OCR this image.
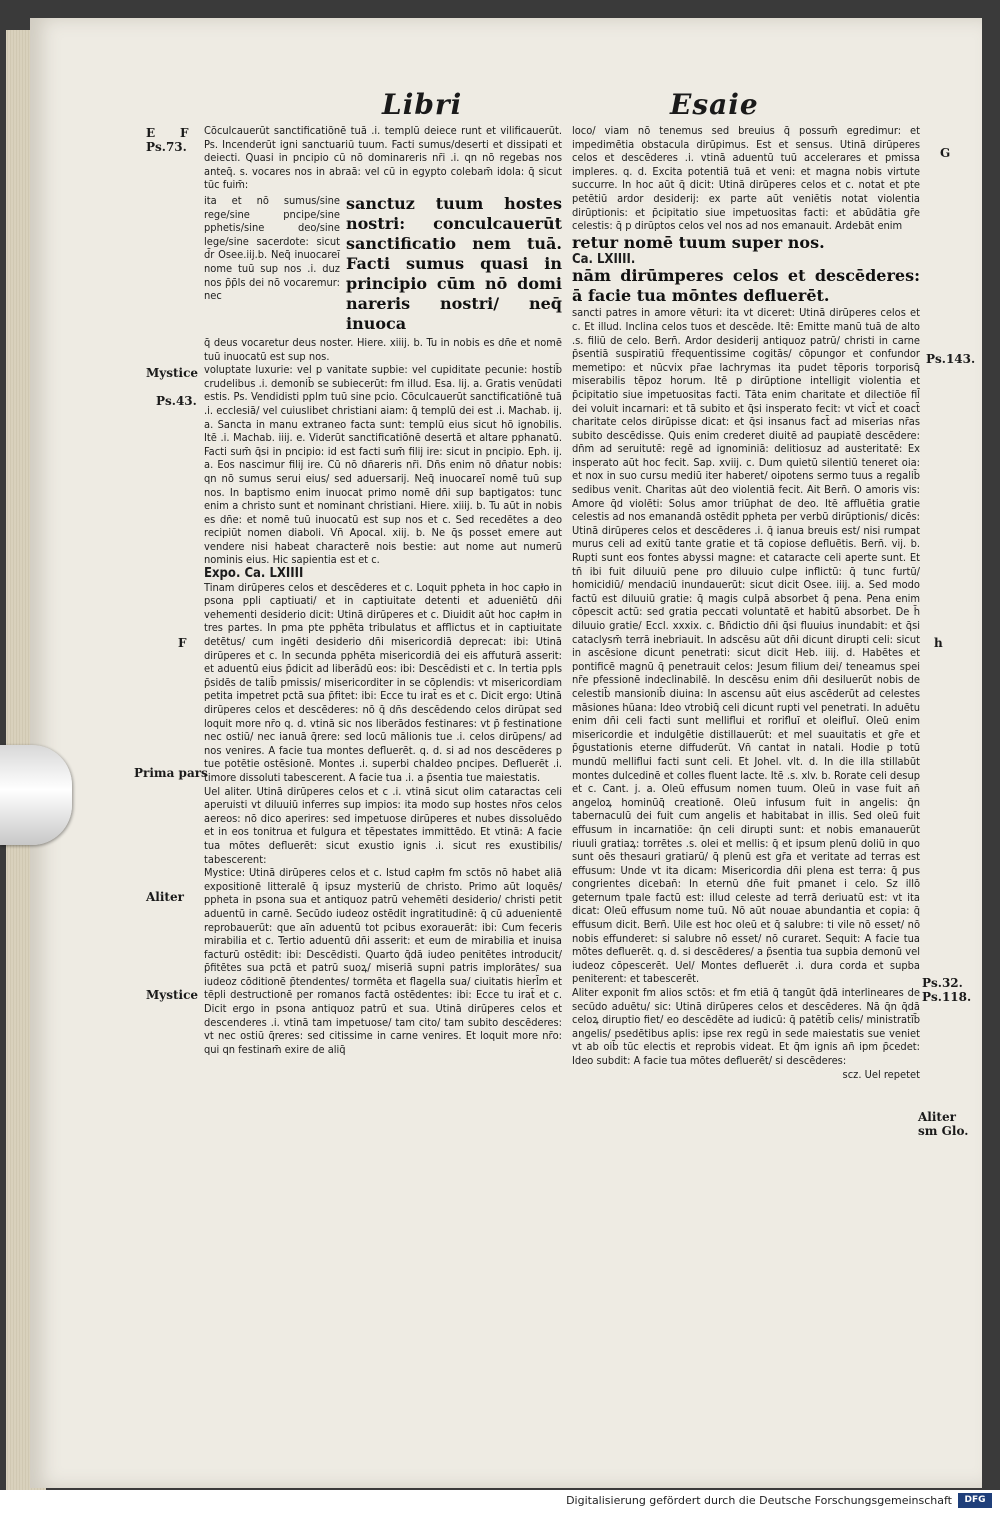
Libri	Esaie
E
Ps.73.
F
Mystice
Ps.43.
F
Prima pars
Aliter
Mystice
Ps.143.
Ps.32.
Ps.118.
Aliter sm Glo.
h
G

Cōculcauerūt sanctificatiōnē tuā .i. templū deiece runt et vilificauerūt. Ps. Incenderūt igni sanctuariū tuum. Facti sumus/deserti et dissipati et deiecti. Quasi in pncipio cū nō dominareris nr̄i .i. qn nō regebas nos anteq̄. s. vocares nos in abraā: vel cū in egypto colebam̄ idola: q̄ sicut tūc fuim̄:

ita et nō sumus/sine rege/sine pncipe/sine pphetis/sine deo/sine lege/sine sacerdote: sicut d̄r Osee.iij.b. Neq̄ inuocareī nome tuū sup nos .i. duz nos p̄p̄ls dei nō vocaremur: nec

sanctuz tuum hostes nostri: conculcauerūt sanctificatio nem tuā. Facti sumus quasi in principio cūm nō domi nareris nostri/ neq̄ inuoca

q̄ deus vocaretur deus noster. Hiere. xiiij. b. Tu in nobis es dn̄e et nomē tuū inuocatū est sup nos.

voluptate luxurie: vel p vanitate supbie: vel cupiditate pecunie: hostib̄ crudelibus .i. demonib̄ se subiecerūt: fm illud. Esa. lij. a. Gratis venūdati estis. Ps. Vendidisti pplm tuū sine pcio. Cōculcauerūt sanctificatiōnē tuā .i. ecclesiā/ vel cuiuslibet christiani aiam: q̄ templū dei est .i. Machab. ij. a. Sancta in manu extraneo facta sunt: templū eius sicut hō ignobilis. Itē .i. Machab. iiij. e. Viderūt sanctificatiōnē desertā et altare pphanatū. Facti sum̄ q̄si in pncipio: id est facti sum̄ filij ire: sicut in pncipio. Eph. ij. a. Eos nascimur filij ire. Cū nō dn̄areris nr̄i. Dn̄s enim nō dn̄atur nobis: qn nō sumus serui eius/ sed aduersarij. Neq̄ inuocareī nomē tuū sup nos. In baptismo enim inuocat primo nomē dn̄i sup baptigatos: tunc enim a christo sunt et nominant christiani. Hiere. xiiij. b. Tu aūt in nobis es dn̄e: et nomē tuū inuocatū est sup nos et c. Sed recedētes a deo recipiūt nomen diaboli. Vn̄ Apocal. xiij. b. Ne q̄s posset emere aut vendere nisi habeat characterē nois bestie: aut nome aut numerū nominis eius. Hic sapientia est et c.

Expo. Ca. LXIIII

Tinam dirūperes celos et descēderes et c. Loquit ppheta in hoc capło in psona ppli captiuati/ et in captiuitate detenti et adueniētū dn̄i vehementi desiderio dicit: Utinā dirūperes et c. Diuidit aūt hoc capłm in tres partes. In pma pte pphēta tribulatus et afflictus et in captiuitate detētus/ cum ingēti desiderio dn̄i misericordiā deprecat: ibi: Utinā dirūperes et c. In secunda pphēta misericordiā dei eis affuturā asserit: et aduentū eius p̄dicit ad liberādū eos: ibi: Descēdisti et c. In tertia ppls p̄sidēs de talib̄ pmissis/ misericorditer in se cōplendis: vt misericordiam petita impetret pctā sua p̄fitet: ibi: Ecce tu irat̄ es et c. Dicit ergo: Utinā dirūperes celos et descēderes: nō q̄ dn̄s descēdendo celos dirūpat sed loquit more nr̄o q. d. vtinā sic nos liberādos festinares: vt p̄ festinatione nec ostiū/ nec ianuā q̄rere: sed locū mālionis tue .i. celos dirūpens/ ad nos venires. A facie tua montes defluerēt. q. d. si ad nos descēderes p tue potētie ostēsionē. Montes .i. superbi chaldeo pncipes. Defluerēt .i. timore dissoluti tabescerent. A facie tua .i. a p̄sentia tue maiestatis.

Uel aliter. Utinā dirūperes celos et c .i. vtinā sicut olim cataractas celi aperuisti vt diluuiū inferres sup impios: ita modo sup hostes nr̄os celos aereos: nō dico aperires: sed impetuose dirūperes et nubes dissoluēdo et in eos tonitrua et fulgura et tēpestates immittēdo. Et vtinā: A facie tua mōtes defluerēt: sicut exustio ignis .i. sicut res exustibilis/ tabescerent:

Mystice: Utinā dirūperes celos et c. Istud capłm fm sctōs nō habet aliā expositionē litteralē q̄ ipsuz mysteriū de christo. Primo aūt loquēs/ ppheta in psona sua et antiquoz patrū vehemēti desiderio/ christi petit aduentū in carnē. Secūdo iudeoz ostēdit ingratitudinē: q̄ cū aduenientē reprobauerūt: que aīn aduentū tot pcibus exorauerāt: ibi: Cum feceris mirabilia et c. Tertio aduentū dn̄i asserit: et eum de mirabilia et inuisa facturū ostēdit: ibi: Descēdisti. Quarto q̄dā iudeo penitētes introducit/ p̄fitētes sua pctā et patrū suoꝝ/ miseriā supni patris implorātes/ sua iudeoz cōditionē p̄tendentes/ tormēta et flagella sua/ ciuitatis hierl̄m et tēpli destructionē per romanos factā ostēdentes: ibi: Ecce tu irat̄ et c. Dicit ergo in psona antiquoz patrū et sua. Utinā dirūperes celos et descenderes .i. vtinā tam impetuose/ tam cito/ tam subito descēderes: vt nec ostiū q̄reres: sed citissime in carne venires. Et loquit more nr̄o: qui qn festinam̄ exire de aliq̄

loco/ viam nō tenemus sed breuius q̄ possum̄ egredimur: et impedimētia obstacula dirūpimus. Est et sensus. Utinā dirūperes celos et descēderes .i. vtinā aduentū tuū accelerares et pmissa impleres. q. d. Excita potentiā tuā et veni: et magna nobis virtute succurre. In hoc aūt q̄ dicit: Utinā dirūperes celos et c. notat et pte petētiū ardor desiderij: ex parte aūt veniētis notat violentia dirūptionis: et p̄cipitatio siue impetuositas facti: et abūdātia gr̄e celestis: q̄ p dirūptos celos vel nos ad nos emanauit. Ardebāt enim

retur nomē tuum super nos.

Ca. LXIIII.

nām dirūmperes celos et descēderes: ā facie tua mōntes defluerēt.

sancti patres in amore vēturi: ita vt diceret: Utinā dirūperes celos et c. Et illud. Inclina celos tuos et descēde. Itē: Emitte manū tuā de alto .s. filiū de celo. Bern̄. Ardor desiderij antiquoz patrū/ christi in carne p̄sentiā suspiratiū fr̄equentissime cogitās/ cōpungor et confundor memetipo: et nūcvix pr̄ae lachrymas ita pudet tēporis torporisq̄ miserabilis tēpoz horum. Itē p dirūptione intelligit violentia et p̄cipitatio siue impetuositas facti. Tāta enim charitate et dilectiōe fil̄ dei voluit incarnari: et tā subito et q̄si insperato fecit: vt vict̄ et coact̄ charitate celos dirūpisse dicat: et q̄si insanus fact̄ ad miserias nr̄as subito descēdisse. Quis enim crederet diuitē ad paupiatē descēdere: dn̄m ad seruitutē: regē ad ignominiā: delitiosuz ad austeritatē: Ex insperato aūt hoc fecit. Sap. xviij. c. Dum quietū silentiū teneret oia: et nox in suo cursu mediū iter haberet/ oipotens sermo tuus a regalib̄ sedibus venit. Charitas aūt deo violentiā fecit. Ait Bern̄. O amoris vis: Amore q̄d violēti: Solus amor triūphat de deo. Itē affluētia gratie celestis ad nos emanandā ostēdit ppheta per verbū dirūptionis/ dicēs: Utinā dirūperes celos et descēderes .i. q̄ ianua breuis est/ nisi rumpat murus celi ad exitū tante gratie et tā copiose defluētis. Bern̄. vij. b. Rupti sunt eos fontes abyssi magne: et cataracte celi aperte sunt. Et tn̄ ibi fuit diluuiū pene pro diluuio culpe inflictū: q̄ tunc furtū/ homicidiū/ mendaciū inundauerūt: sicut dicit Osee. iiij. a. Sed modo factū est diluuiū gratie: q̄ magis culpā absorbet q̄ pena. Pena enim cōpescit actū: sed gratia peccati voluntatē et habitū absorbet. De h̄ diluuio gratie/ Eccl. xxxix. c. Bn̄dictio dn̄i q̄si fluuius inundabit: et q̄si cataclysm̄ terrā inebriauit. In adscēsu aūt dn̄i dicunt dirupti celi: sicut in ascēsione dicunt penetrati: sicut dicit Heb. iiij. d. Habētes et pontificē magnū q̄ penetrauit celos: Jesum filium dei/ teneamus spei nr̄e pfessionē indeclinabilē. In descēsu enim dn̄i desiluerūt nobis de celestib̄ mansionib̄ diuina: In ascensu aūt eius ascēderūt ad celestes māsiones hūana: Ideo vtrobiq̄ celi dicunt rupti vel penetrati. In aduētu enim dn̄i celi facti sunt melliflui et rorifluī et oleifluī. Oleū enim misericordie et indulgētie distillauerūt: et mel suauitatis et gr̄e et p̄gustationis eterne diffuderūt. Vn̄ cantat in natali. Hodie p totū mundū melliflui facti sunt celi. Et Johel. vlt. d. In die illa stillabūt montes dulcedinē et colles fluent lacte. Itē .s. xlv. b. Rorate celi desup et c. Cant. j. a. Oleū effusum nomen tuum. Oleū in vase fuit an̄ angeloꝝ hominūq̄ creationē. Oleū infusum fuit in angelis: q̄n tabernaculū dei fuit cum angelis et habitabat in illis. Sed oleū fuit effusum in incarnatiōe: q̄n celi dirupti sunt: et nobis emanauerūt riuuli gratiaꝝ: torrētes .s. olei et mellis: q̄ et ipsum plenū doliū in quo sunt oēs thesauri gratiarū/ q̄ plenū est gr̄a et veritate ad terras est effusum: Unde vt ita dicam: Misericordia dn̄i plena est terra: q̄ ꝑus congrientes diceban̄: In eternū dn̄e fuit pmanet i celo. Sz illō geternum tpale factū est: illud celeste ad terrā deriuatū est: vt ita dicat: Oleū effusum nome tuū. Nō aūt nouae abundantia et copia: q̄ effusum dicit. Bern̄. Uile est hoc oleū et q̄ salubre: ti vile nō esset/ nō nobis effunderet: si salubre nō esset/ nō curaret. Sequit: A facie tua mōtes defluerēt. q. d. si descēderes/ a p̄sentia tua supbia demonū vel iudeoz cōpescerēt. Uel/ Montes defluerēt .i. dura corda et supba peniterent: et tabescerēt.

Aliter exponit fm alios sctōs: et fm etiā q̄ tangūt q̄dā interlineares de secūdo aduētu/ sic: Utinā dirūperes celos et descēderes. Nā q̄n q̄dā celoꝝ diruptio fiet/ eo descēdēte ad iudicū: q̄ patētib̄ celis/ ministratīb̄ angelis/ psedētibus aplis: ipse rex regū in sede maiestatis sue veniet vt ab oib̄ tūc electis et reprobis videat. Et q̄m ignis añ ipm p̄cedet: Ideo subdit: A facie tua mōtes defluerēt/ si descēderes:

scz. Uel repetet

Digitalisierung gefördert durch die Deutsche Forschungsgemeinschaft	DFG
